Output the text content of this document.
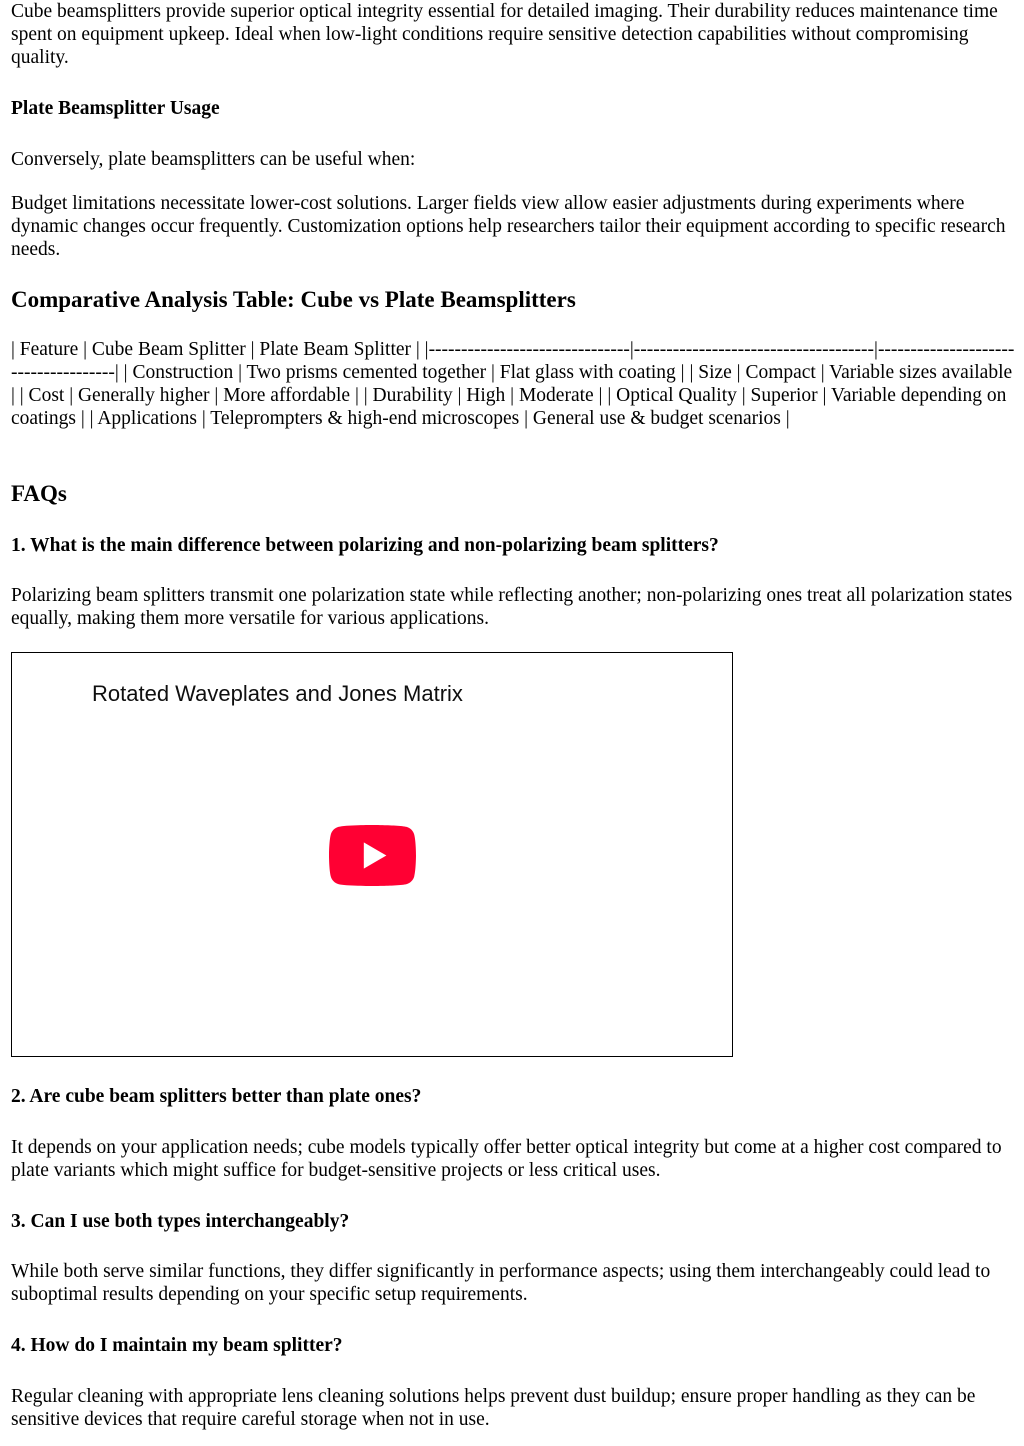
Cube beamsplitters provide superior optical integrity essential for detailed imaging. Their durability reduces maintenance time spent on equipment upkeep. Ideal when low-light conditions require sensitive detection capabilities without compromising quality.

Plate Beamsplitter Usage

Conversely, plate beamsplitters can be useful when:

Budget limitations necessitate lower-cost solutions. Larger fields view allow easier adjustments during experiments where dynamic changes occur frequently. Customization options help researchers tailor their equipment according to specific research needs.

Comparative Analysis Table: Cube vs Plate Beamsplitters

| Feature | Cube Beam Splitter | Plate Beam Splitter | |-------------------------------|-------------------------------------|-------------------------------------| | Construction | Two prisms cemented together | Flat glass with coating | | Size | Compact | Variable sizes available | | Cost | Generally higher | More affordable | | Durability | High | Moderate | | Optical Quality | Superior | Variable depending on coatings | | Applications | Teleprompters & high-end microscopes | General use & budget scenarios |

FAQs
1. What is the main difference between polarizing and non-polarizing beam splitters?

Polarizing beam splitters transmit one polarization state while reflecting another; non-polarizing ones treat all polarization states equally, making them more versatile for various applications.

Rotated Waveplates and Jones Matrix
2. Are cube beam splitters better than plate ones?

It depends on your application needs; cube models typically offer better optical integrity but come at a higher cost compared to plate variants which might suffice for budget-sensitive projects or less critical uses.

3. Can I use both types interchangeably?

While both serve similar functions, they differ significantly in performance aspects; using them interchangeably could lead to suboptimal results depending on your specific setup requirements.

4. How do I maintain my beam splitter?

Regular cleaning with appropriate lens cleaning solutions helps prevent dust buildup; ensure proper handling as they can be sensitive devices that require careful storage when not in use.
